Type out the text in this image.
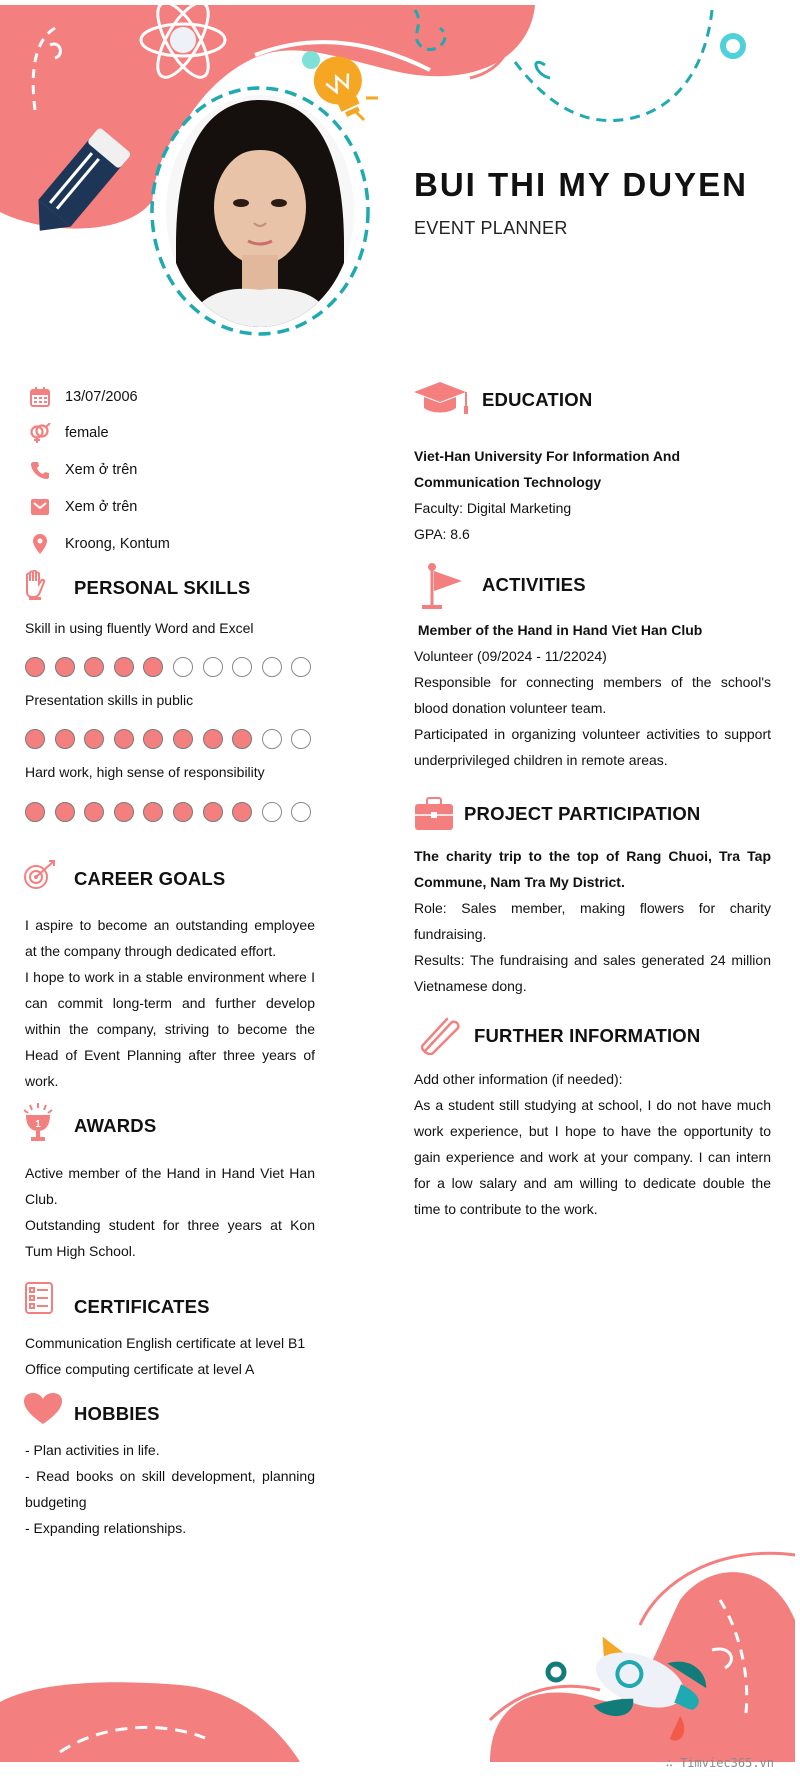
BUI THI MY DUYEN
EVENT PLANNER
13/07/2006
female
Xem ở trên
Xem ở trên
Kroong, Kontum
PERSONAL SKILLS
Skill in using fluently Word and Excel
Presentation skills in public
Hard work, high sense of responsibility
CAREER GOALS

I aspire to become an outstanding employee at the company through dedicated effort.

I hope to work in a stable environment where I can commit long-term and further develop within the company, striving to become the Head of Event Planning after three years of work.

1 AWARDS

Active member of the Hand in Hand Viet Han Club.

Outstanding student for three years at Kon Tum High School.

CERTIFICATES

Communication English certificate at level B1

Office computing certificate at level A

HOBBIES

- Plan activities in life.

- Read books on skill development, planning budgeting

- Expanding relationships.

EDUCATION

Viet-Han University For Information And Communication Technology

Faculty: Digital Marketing

GPA: 8.6

ACTIVITIES

Member of the Hand in Hand Viet Han Club

Volunteer (09/2024 - 11/22024)

Responsible for connecting members of the school's blood donation volunteer team.

Participated in organizing volunteer activities to support underprivileged children in remote areas.

PROJECT PARTICIPATION

The charity trip to the top of Rang Chuoi, Tra Tap Commune, Nam Tra My District.

Role: Sales member, making flowers for charity fundraising.

Results: The fundraising and sales generated 24 million Vietnamese dong.

FURTHER INFORMATION

Add other information (if needed):

As a student still studying at school, I do not have much work experience, but I hope to have the opportunity to gain experience and work at your company. I can intern for a low salary and am willing to dedicate double the time to contribute to the work.

∴ Timviec365.vn
